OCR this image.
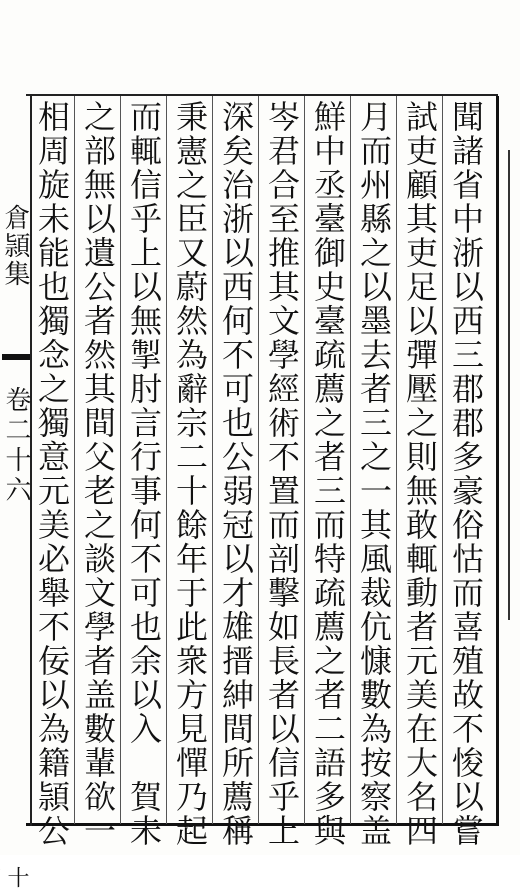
倉頴集
卷二十六
十
聞諸省中浙以西三郡郡多豪俗怙而喜殖故不悛以嘗
試吏顧其吏足以彈壓之則無敢輒動者元美在大名四
月而州縣之以墨去者三之一其風裁伉慷數為按察盖
鮮中丞臺御史臺疏薦之者三而特疏薦之者二語多與
岑君合至推其文學經術不置而剖擊如長者以信乎上
深矣治浙以西何不可也公弱冠以才雄搢紳間所薦稱
秉憲之臣又蔚然為辭宗二十餘年于此衆方見憚乃起
而輒信乎上以無掣肘言行事何不可也余以入　賀未
之部無以遺公者然其間父老之談文學者盖數輩欲一
相周旋未能也獨念之獨意元美必舉不佞以為籍頴公
